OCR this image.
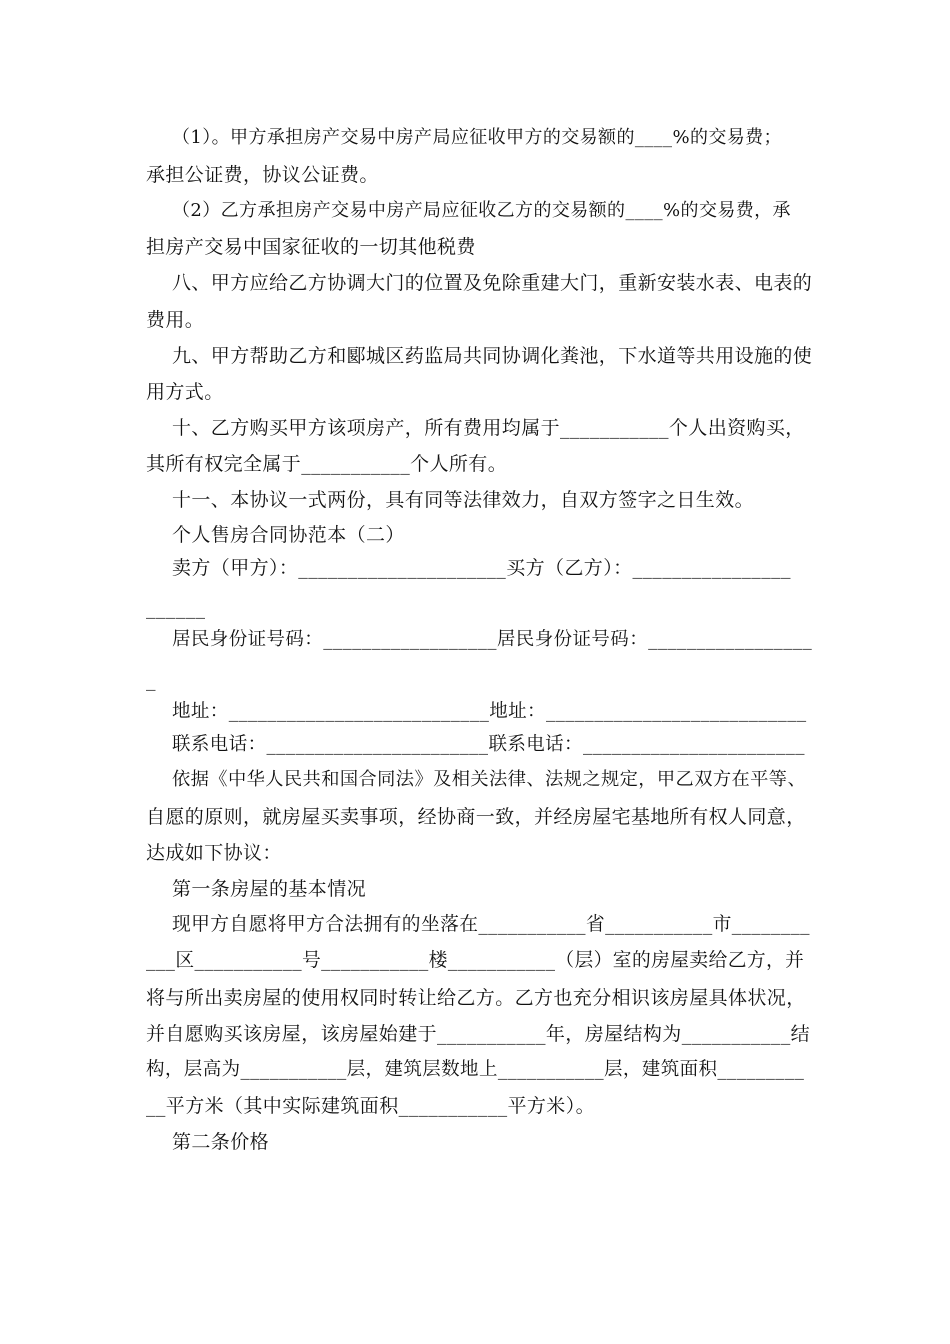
（1）。甲方承担房产交易中房产局应征收甲方的交易额的____%的交易费；
承担公证费，协议公证费。
（2）乙方承担房产交易中房产局应征收乙方的交易额的____%的交易费，承
担房产交易中国家征收的一切其他税费
八、甲方应给乙方协调大门的位置及免除重建大门，重新安装水表、电表的
费用。
九、甲方帮助乙方和郾城区药监局共同协调化粪池，下水道等共用设施的使
用方式。
十、乙方购买甲方该项房产，所有费用均属于___________个人出资购买，
其所有权完全属于___________个人所有。
十一、本协议一式两份，具有同等法律效力，自双方签字之日生效。
个人售房合同协范本（二）
卖方（甲方）：_____________________买方（乙方）：________________
______
居民身份证号码：__________________居民身份证号码：_________________
_
地址：___________________________地址：___________________________
联系电话：_______________________联系电话：_______________________
依据《中华人民共和国合同法》及相关法律、法规之规定，甲乙双方在平等、
自愿的原则，就房屋买卖事项，经协商一致，并经房屋宅基地所有权人同意，
达成如下协议：
第一条房屋的基本情况
现甲方自愿将甲方合法拥有的坐落在___________省___________市________
___区___________号___________楼___________（层）室的房屋卖给乙方，并
将与所出卖房屋的使用权同时转让给乙方。乙方也充分相识该房屋具体状况，
并自愿购买该房屋，该房屋始建于___________年，房屋结构为___________结
构，层高为___________层，建筑层数地上___________层，建筑面积_________
__平方米（其中实际建筑面积___________平方米）。
第二条价格
